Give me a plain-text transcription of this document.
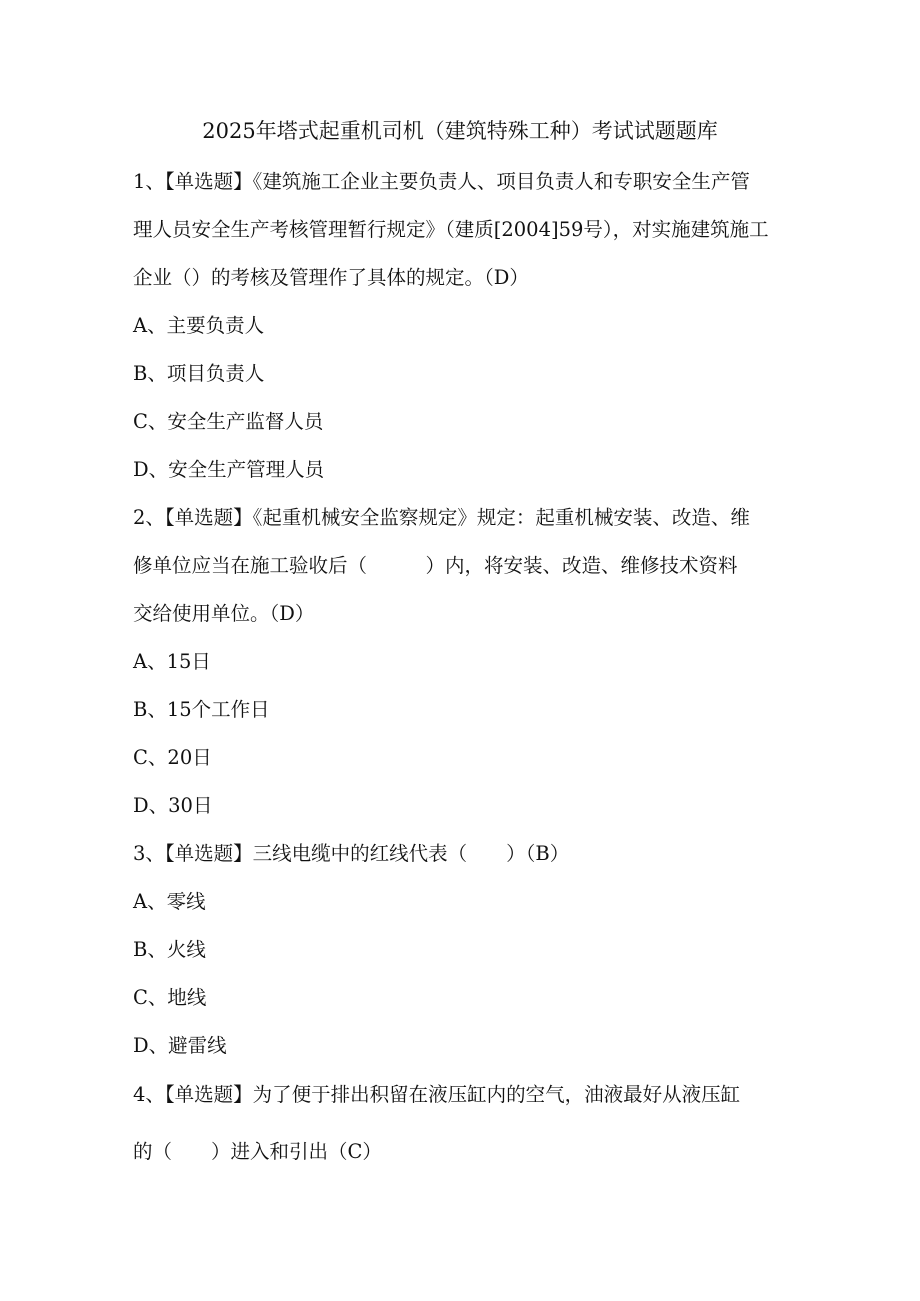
2025年塔式起重机司机（建筑特殊工种）考试试题题库
1、【单选题】《建筑施工企业主要负责人、项目负责人和专职安全生产管
理人员安全生产考核管理暂行规定》（建质[2004]59号），对实施建筑施工
企业（）的考核及管理作了具体的规定。（D）
A、主要负责人
B、项目负责人
C、安全生产监督人员
D、安全生产管理人员
2、【单选题】《起重机械安全监察规定》规定：起重机械安装、改造、维
修单位应当在施工验收后（　　　）内，将安装、改造、维修技术资料
交给使用单位。（D）
A、15日
B、15个工作日
C、20日
D、30日
3、【单选题】三线电缆中的红线代表（　　）（B）
A、零线
B、火线
C、地线
D、避雷线
4、【单选题】为了便于排出积留在液压缸内的空气，油液最好从液压缸
的（　　）进入和引出（C）
